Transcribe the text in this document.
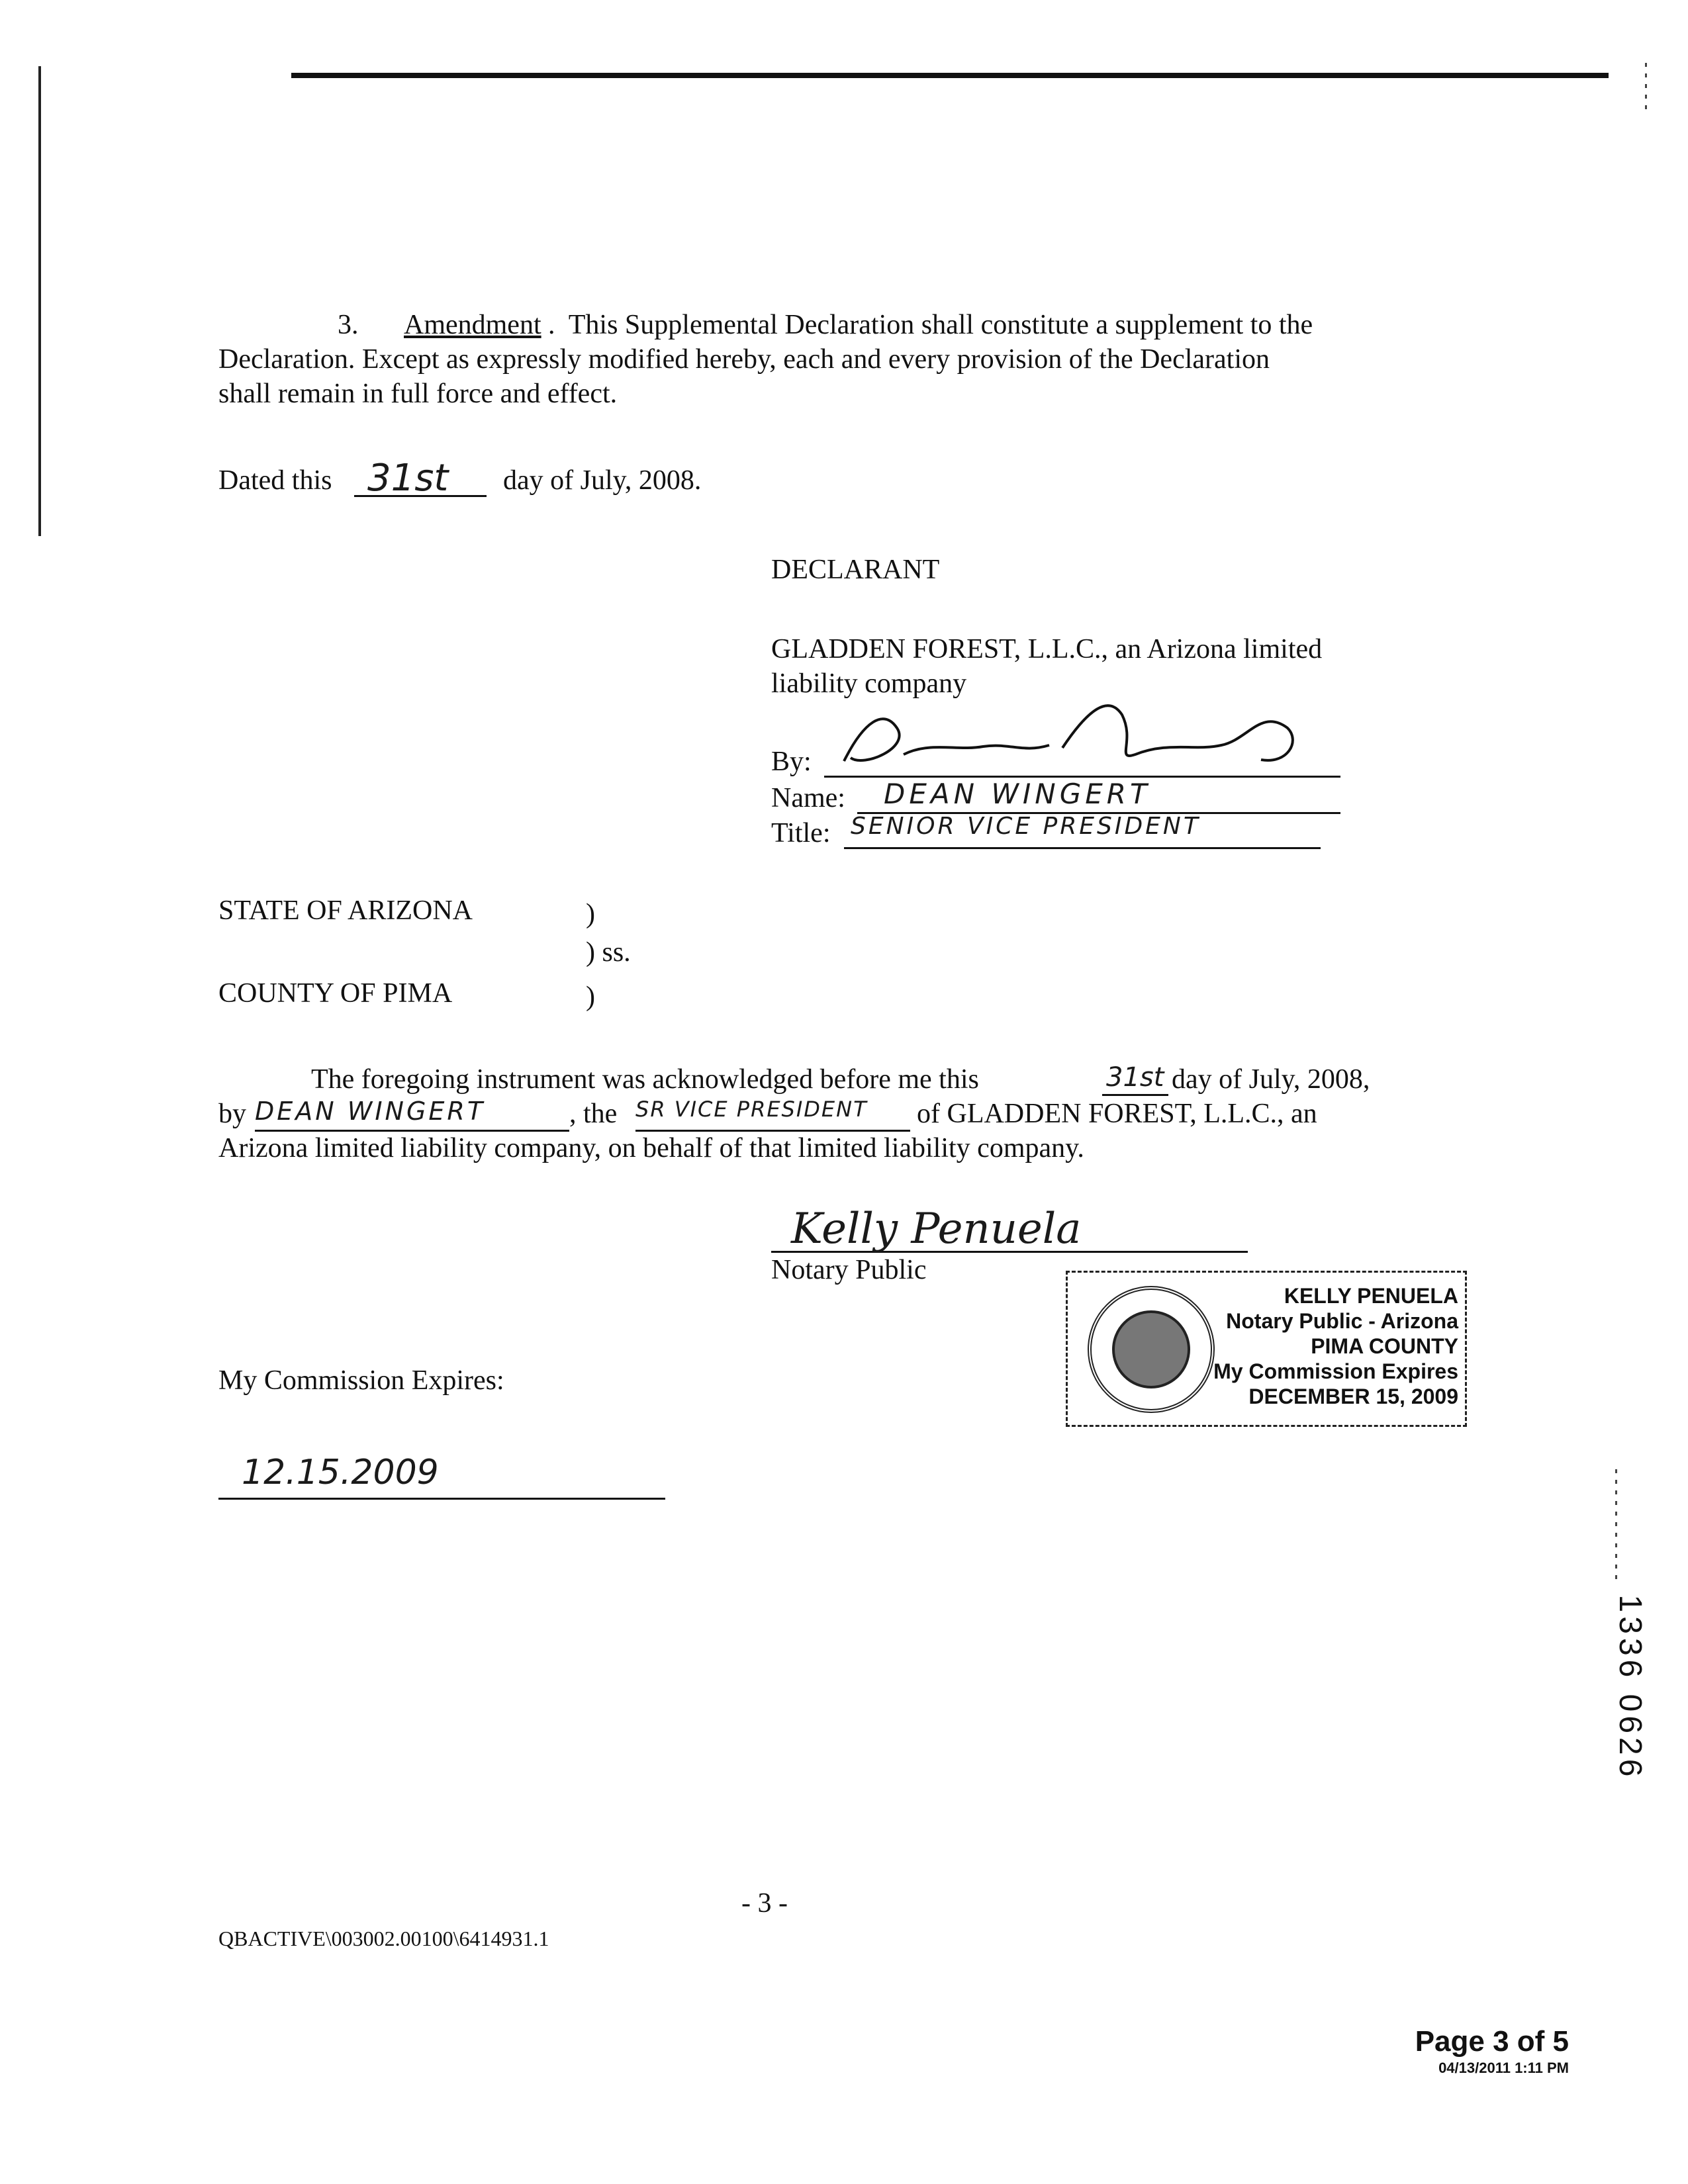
3. Amendment .  This Supplemental Declaration shall constitute a supplement to the
Declaration. Except as expressly modified hereby, each and every provision of the Declaration
shall remain in full force and effect.
Dated this 31st	day of July, 2008.
DECLARANT
GLADDEN FOREST, L.L.C., an Arizona limited
liability company
By:
Name:	DEAN WINGERT
Title: SENIOR VICE PRESIDENT
STATE OF ARIZONA	)
) ss.
COUNTY OF PIMA	)
The foregoing instrument was acknowledged before me this	31st day of July, 2008,
by DEAN WINGERT	, the SR VICE PRESIDENT	of GLADDEN FOREST, L.L.C., an
Arizona limited liability company, on behalf of that limited liability company.
Kelly Penuela
Notary Public
KELLY PENUELA
Notary Public - Arizona
PIMA COUNTY
My Commission Expires
DECEMBER 15, 2009
My Commission Expires:
12.15.2009
1336 0626
- 3 -
QBACTIVE\003002.00100\6414931.1
Page 3 of 5
04/13/2011 1:11 PM
